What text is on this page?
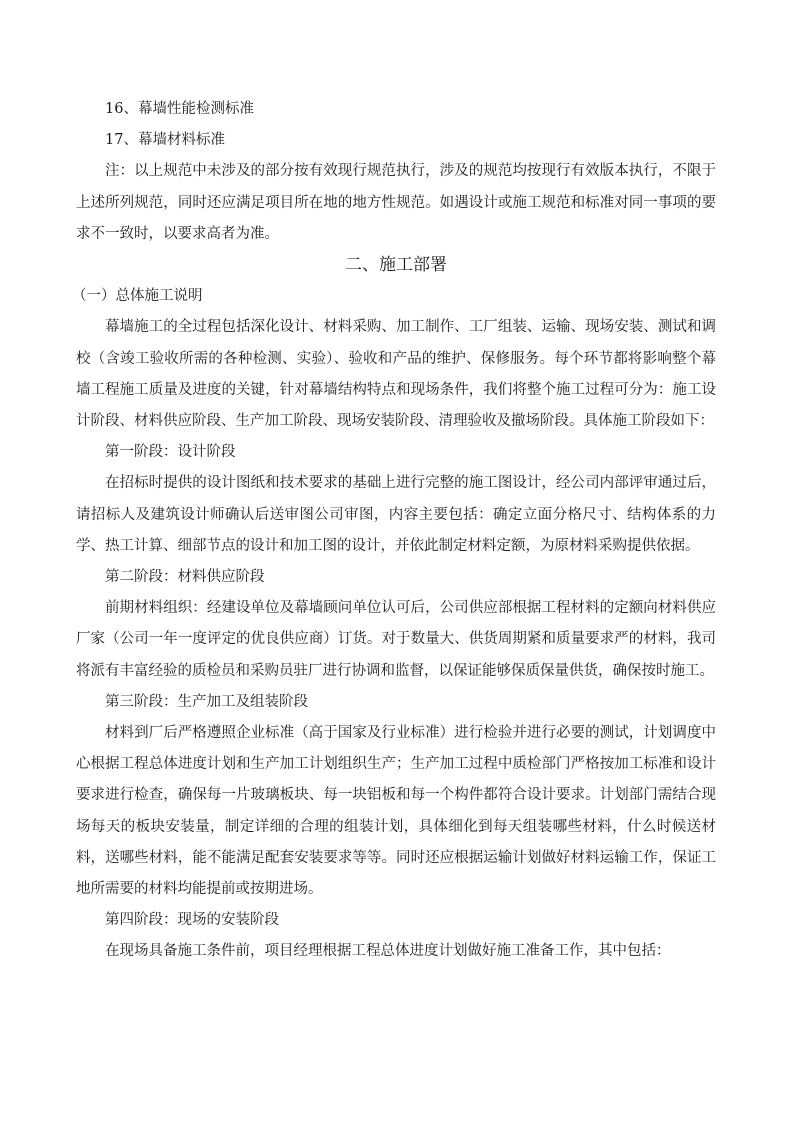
16、幕墙性能检测标准

17、幕墙材料标准

注：以上规范中未涉及的部分按有效现行规范执行，涉及的规范均按现行有效版本执行，不限于上述所列规范，同时还应满足项目所在地的地方性规范。如遇设计或施工规范和标准对同一事项的要求不一致时，以要求高者为准。

二、施工部署

（一）总体施工说明

幕墙施工的全过程包括深化设计、材料采购、加工制作、工厂组装、运输、现场安装、测试和调校（含竣工验收所需的各种检测、实验）、验收和产品的维护、保修服务。每个环节都将影响整个幕墙工程施工质量及进度的关键，针对幕墙结构特点和现场条件，我们将整个施工过程可分为：施工设计阶段、材料供应阶段、生产加工阶段、现场安装阶段、清理验收及撤场阶段。具体施工阶段如下：

第一阶段：设计阶段

在招标时提供的设计图纸和技术要求的基础上进行完整的施工图设计，经公司内部评审通过后，请招标人及建筑设计师确认后送审图公司审图，内容主要包括：确定立面分格尺寸、结构体系的力学、热工计算、细部节点的设计和加工图的设计，并依此制定材料定额，为原材料采购提供依据。

第二阶段：材料供应阶段

前期材料组织：经建设单位及幕墙顾问单位认可后，公司供应部根据工程材料的定额向材料供应厂家（公司一年一度评定的优良供应商）订货。对于数量大、供货周期紧和质量要求严的材料，我司将派有丰富经验的质检员和采购员驻厂进行协调和监督，以保证能够保质保量供货，确保按时施工。

第三阶段：生产加工及组装阶段

材料到厂后严格遵照企业标准（高于国家及行业标准）进行检验并进行必要的测试，计划调度中心根据工程总体进度计划和生产加工计划组织生产；生产加工过程中质检部门严格按加工标准和设计要求进行检查，确保每一片玻璃板块、每一块铝板和每一个构件都符合设计要求。计划部门需结合现场每天的板块安装量，制定详细的合理的组装计划，具体细化到每天组装哪些材料，什么时候送材料，送哪些材料，能不能满足配套安装要求等等。同时还应根据运输计划做好材料运输工作，保证工地所需要的材料均能提前或按期进场。

第四阶段：现场的安装阶段

在现场具备施工条件前，项目经理根据工程总体进度计划做好施工准备工作，其中包括：
